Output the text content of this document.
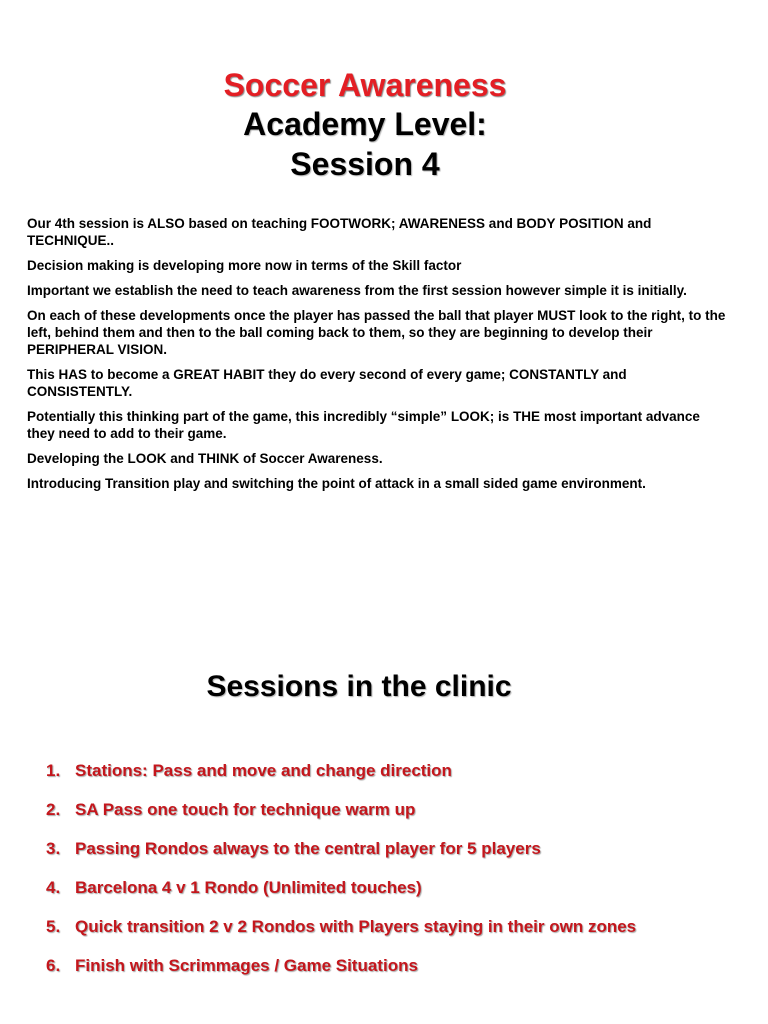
Soccer Awareness
Academy Level:
Session 4

Our 4th session is ALSO based on teaching FOOTWORK; AWARENESS and BODY POSITION and TECHNIQUE..

Decision making is developing more now in terms of the Skill factor

Important we establish the need to teach awareness from the first session however simple it is initially.

On each of these developments once the player has passed the ball that player MUST look to the right, to the left, behind them and then to the ball coming back to them, so they are beginning to develop their PERIPHERAL VISION.

This HAS to become a GREAT HABIT they do every second of every game; CONSTANTLY and CONSISTENTLY.

Potentially this thinking part of the game, this incredibly “simple” LOOK; is THE most important advance they need to add to their game.

Developing the LOOK and THINK of Soccer Awareness.

Introducing Transition play and switching the point of attack in a small sided game environment.

Sessions in the clinic
1. Stations: Pass and move and change direction
2. SA Pass one touch for technique warm up
3. Passing Rondos always to the central player for 5 players
4. Barcelona 4 v 1 Rondo (Unlimited touches)
5. Quick transition 2 v 2 Rondos with Players staying in their own zones
6. Finish with Scrimmages / Game Situations
